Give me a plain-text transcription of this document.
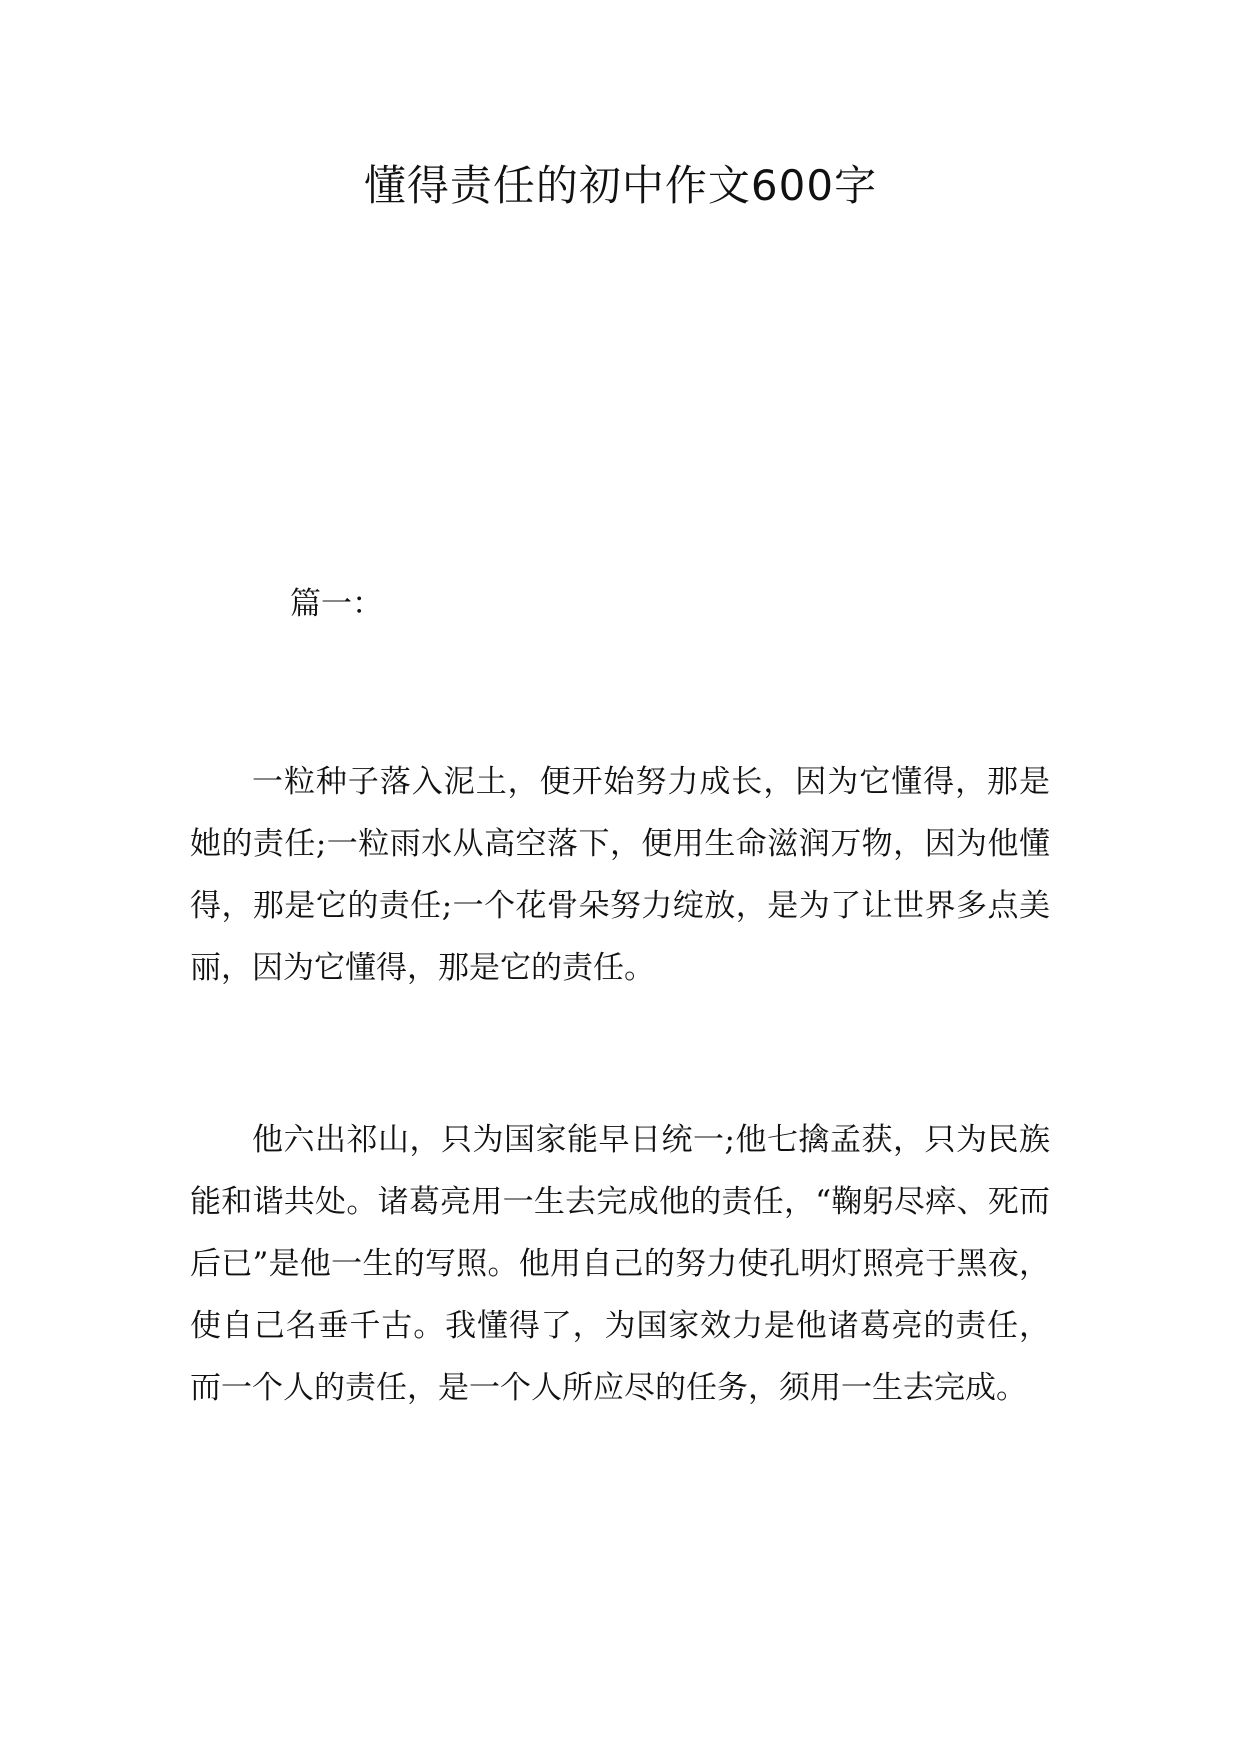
懂得责任的初中作文600字
篇一：

一粒种子落入泥土，便开始努力成长，因为它懂得，那是她的责任;一粒雨水从高空落下，便用生命滋润万物，因为他懂得，那是它的责任;一个花骨朵努力绽放，是为了让世界多点美丽，因为它懂得，那是它的责任。

他六出祁山，只为国家能早日统一;他七擒孟获，只为民族能和谐共处。诸葛亮用一生去完成他的责任，“鞠躬尽瘁、死而后已”是他一生的写照。他用自己的努力使孔明灯照亮于黑夜，使自己名垂千古。我懂得了，为国家效力是他诸葛亮的责任，而一个人的责任，是一个人所应尽的任务，须用一生去完成。
